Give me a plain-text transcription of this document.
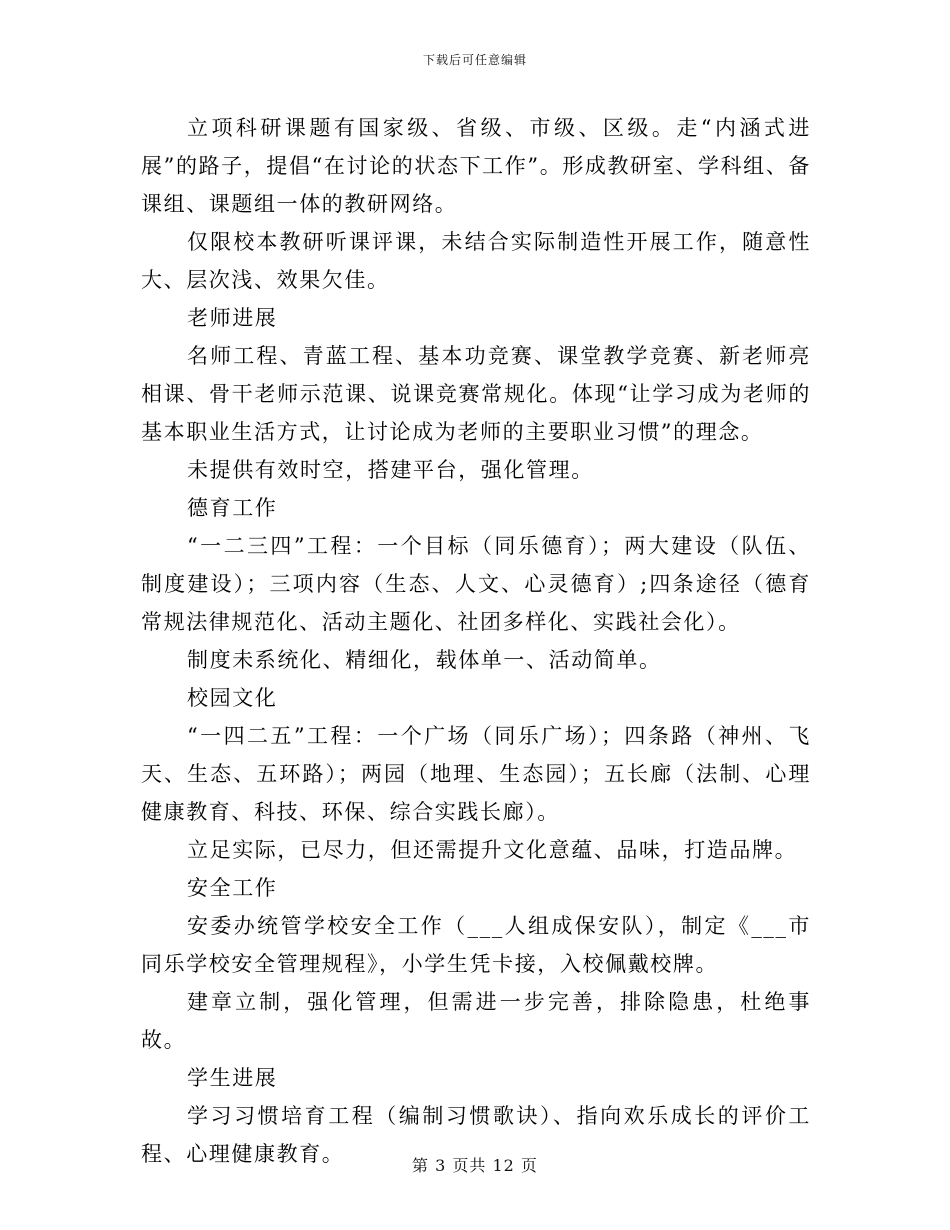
下载后可任意编辑

立项科研课题有国家级、省级、市级、区级。走“内涵式进展”的路子，提倡“在讨论的状态下工作”。形成教研室、学科组、备课组、课题组一体的教研网络。

仅限校本教研听课评课，未结合实际制造性开展工作，随意性大、层次浅、效果欠佳。

老师进展

名师工程、青蓝工程、基本功竞赛、课堂教学竞赛、新老师亮相课、骨干老师示范课、说课竞赛常规化。体现“让学习成为老师的基本职业生活方式，让讨论成为老师的主要职业习惯”的理念。

未提供有效时空，搭建平台，强化管理。

德育工作

“一二三四”工程：一个目标（同乐德育）；两大建设（队伍、制度建设）；三项内容（生态、人文、心灵德育）;四条途径（德育常规法律规范化、活动主题化、社团多样化、实践社会化）。

制度未系统化、精细化，载体单一、活动简单。

校园文化

“一四二五”工程：一个广场（同乐广场）；四条路（神州、飞天、生态、五环路）；两园（地理、生态园）；五长廊（法制、心理健康教育、科技、环保、综合实践长廊）。

立足实际，已尽力，但还需提升文化意蕴、品味，打造品牌。

安全工作

安委办统管学校安全工作（___人组成保安队），制定《___市同乐学校安全管理规程》，小学生凭卡接，入校佩戴校牌。

建章立制，强化管理，但需进一步完善，排除隐患，杜绝事故。

学生进展

学习习惯培育工程（编制习惯歌诀）、指向欢乐成长的评价工程、心理健康教育。	第 3 页共 12 页
